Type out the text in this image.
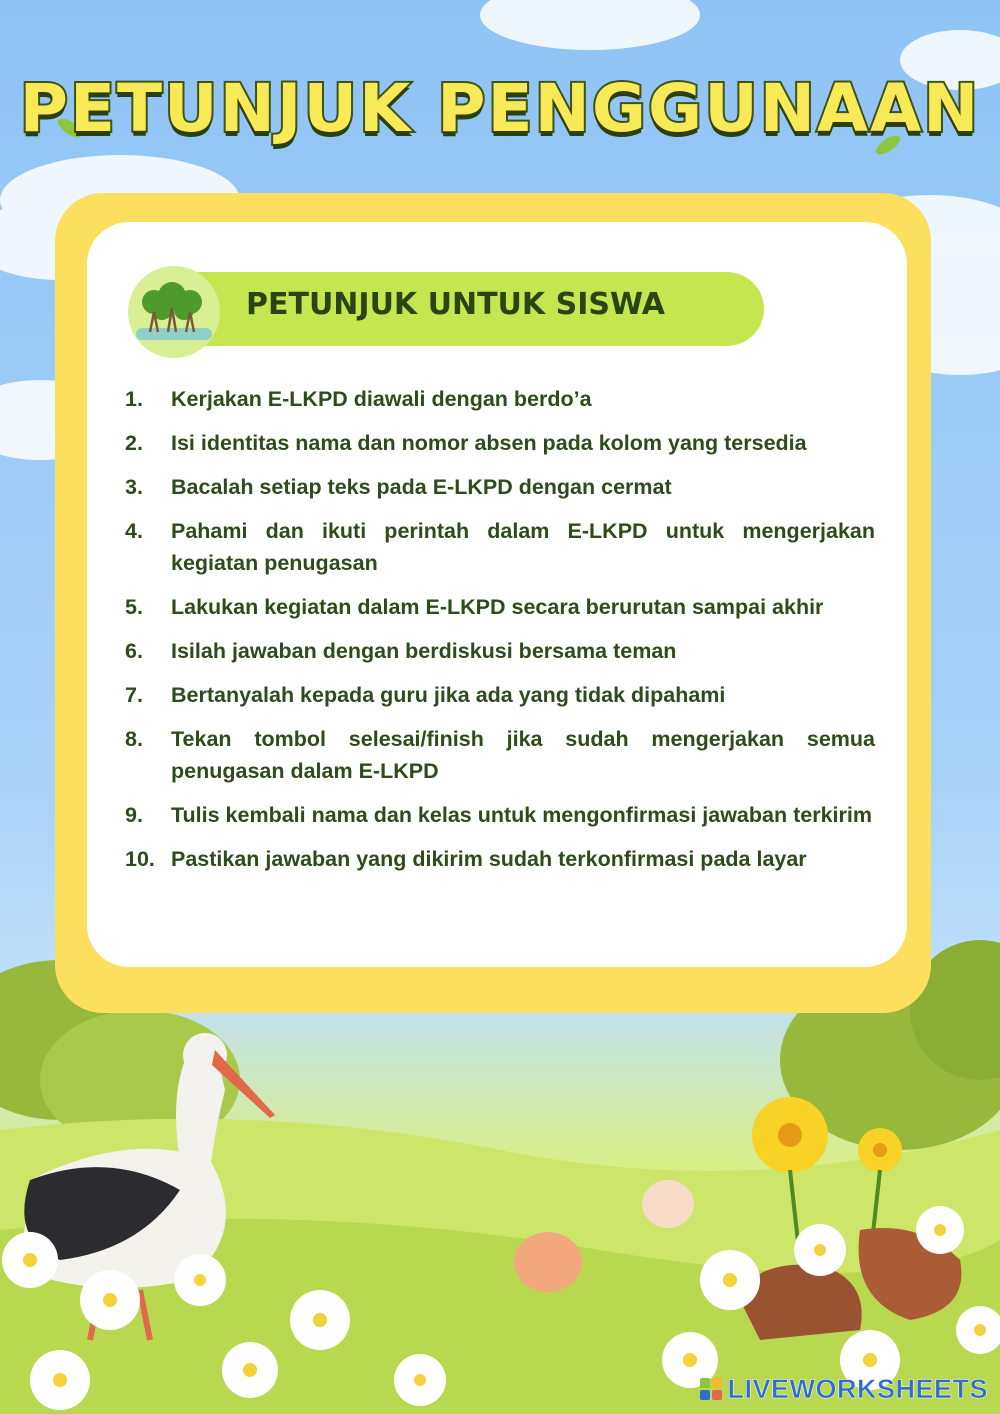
PETUNJUK PENGGUNAAN
PETUNJUK UNTUK SISWA
1.	Kerjakan E-LKPD diawali dengan berdo’a
2.	Isi identitas nama dan nomor absen pada kolom yang tersedia
3.	Bacalah setiap teks pada E-LKPD dengan cermat
4.	Pahami dan ikuti perintah dalam E-LKPD untuk mengerjakan kegiatan penugasan
5.	Lakukan kegiatan dalam E-LKPD secara berurutan sampai akhir
6.	Isilah jawaban dengan berdiskusi bersama teman
7.	Bertanyalah kepada guru jika ada yang tidak dipahami
8.	Tekan tombol selesai/finish jika sudah mengerjakan semua penugasan dalam E-LKPD
9.	Tulis kembali nama dan kelas untuk mengonfirmasi jawaban terkirim
10. Pastikan jawaban yang dikirim sudah terkonfirmasi pada layar
LIVEWORKSHEETS
